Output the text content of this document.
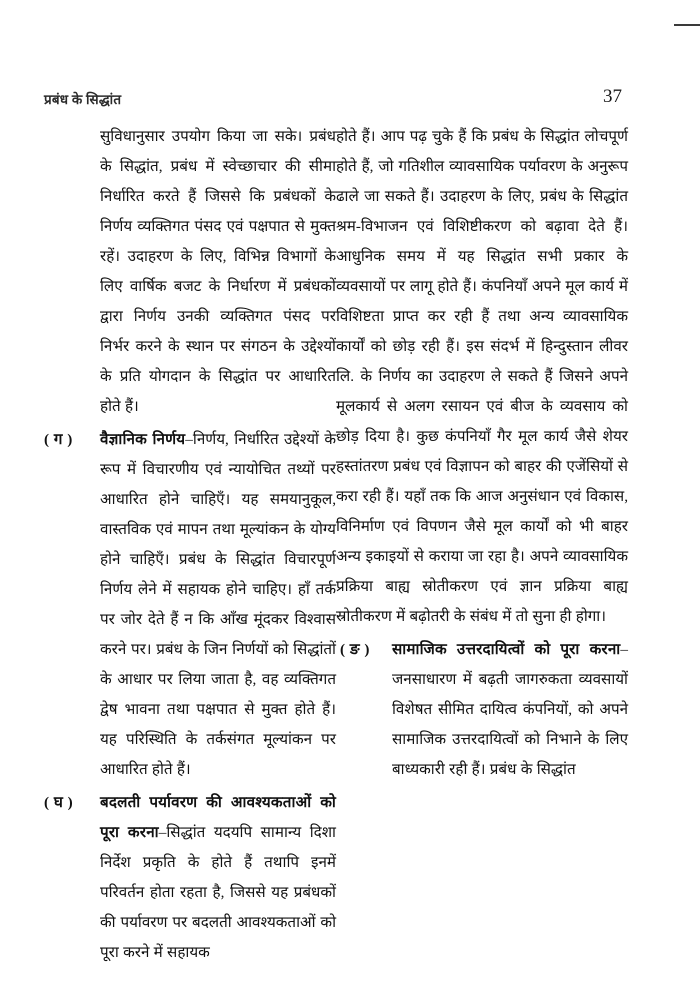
प्रबंध के सिद्धांत	37
सुविधानुसार उपयोग किया जा सके। प्रबंध के सिद्धांत, प्रबंध में स्वेच्छाचार की सीमा निर्धारित करते हैं जिससे कि प्रबंधकों के निर्णय व्यक्तिगत पंसद एवं पक्षपात से मुक्त रहें। उदाहरण के लिए, विभिन्न विभागों के लिए वार्षिक बजट के निर्धारण में प्रबंधकों द्वारा निर्णय उनकी व्यक्तिगत पंसद पर निर्भर करने के स्थान पर संगठन के उद्देश्यों के प्रति योगदान के सिद्धांत पर आधारित होते हैं।
( ग )	वैज्ञानिक निर्णय–निर्णय, निर्धारित उद्देश्यों के रूप में विचारणीय एवं न्यायोचित तथ्यों पर आधारित होने चाहिएँ। यह समयानुकूल, वास्तविक एवं मापन तथा मूल्यांकन के योग्य होने चाहिएँ। प्रबंध के सिद्धांत विचारपूर्ण निर्णय लेने में सहायक होने चाहिए। हाँ तर्क पर जोर देते हैं न कि आँख मूंदकर विश्वास करने पर। प्रबंध के जिन निर्णयों को सिद्धांतों के आधार पर लिया जाता है, वह व्यक्तिगत द्वेष भावना तथा पक्षपात से मुक्त होते हैं। यह परिस्थिति के तर्कसंगत मूल्यांकन पर आधारित होते हैं।
( घ )	बदलती पर्यावरण की आवश्यकताओं को पूरा करना–सिद्धांत यदयपि सामान्य दिशा निर्देश प्रकृति के होते हैं तथापि इनमें परिवर्तन होता रहता है, जिससे यह प्रबंधकों की पर्यावरण पर बदलती आवश्यकताओं को पूरा करने में सहायक
होते हैं। आप पढ़ चुके हैं कि प्रबंध के सिद्धांत लोचपूर्ण होते हैं, जो गतिशील व्यावसायिक पर्यावरण के अनुरूप ढाले जा सकते हैं। उदाहरण के लिए, प्रबंध के सिद्धांत श्रम-विभाजन एवं विशिष्टीकरण को बढ़ावा देते हैं। आधुनिक समय में यह सिद्धांत सभी प्रकार के व्यवसायों पर लागू होते हैं। कंपनियाँ अपने मूल कार्य में विशिष्टता प्राप्त कर रही हैं तथा अन्य व्यावसायिक कार्यों को छोड़ रही हैं। इस संदर्भ में हिन्दुस्तान लीवर लि. के निर्णय का उदाहरण ले सकते हैं जिसने अपने मूलकार्य से अलग रसायन एवं बीज के व्यवसाय को छोड़ दिया है। कुछ कंपनियाँ गैर मूल कार्य जैसे शेयर हस्तांतरण प्रबंध एवं विज्ञापन को बाहर की एजेंसियों से करा रही हैं। यहाँ तक कि आज अनुसंधान एवं विकास, विनिर्माण एवं विपणन जैसे मूल कार्यों को भी बाहर अन्य इकाइयों से कराया जा रहा है। अपने व्यावसायिक प्रक्रिया बाह्य स्रोतीकरण एवं ज्ञान प्रक्रिया बाह्य स्रोतीकरण में बढ़ोतरी के संबंध में तो सुना ही होगा।
( ङ )	सामाजिक उत्तरदायित्वों को पूरा करना–जनसाधारण में बढ़ती जागरुकता व्यवसायों विशेषत सीमित दायित्व कंपनियों, को अपने सामाजिक उत्तरदायित्वों को निभाने के लिए बाध्यकारी रही हैं। प्रबंध के सिद्धांत
